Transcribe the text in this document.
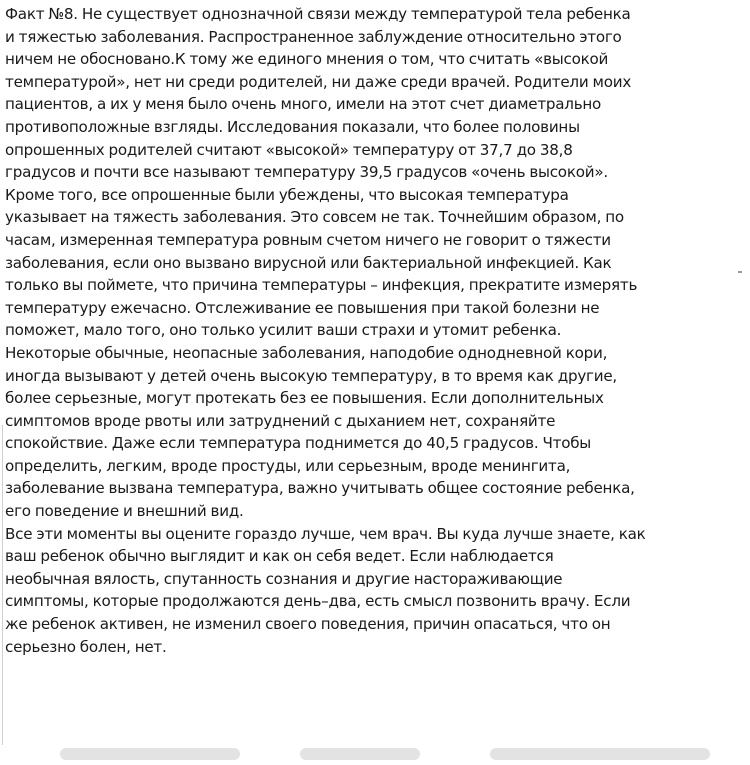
Факт №8. Не существует однозначной связи между температурой тела ребенка
и тяжестью заболевания. Распространенное заблуждение относительно этого
ничем не обосновано.К тому же единого мнения о том, что считать «высокой
температурой», нет ни среди родителей, ни даже среди врачей. Родители моих
пациентов, а их у меня было очень много, имели на этот счет диаметрально
противоположные взгляды. Исследования показали, что более половины
опрошенных родителей считают «высокой» температуру от 37,7 до 38,8
градусов и почти все называют температуру 39,5 градусов «очень высокой».
Кроме того, все опрошенные были убеждены, что высокая температура
указывает на тяжесть заболевания. Это совсем не так. Точнейшим образом, по
часам, измеренная температура ровным счетом ничего не говорит о тяжести
заболевания, если оно вызвано вирусной или бактериальной инфекцией. Как
только вы поймете, что причина температуры – инфекция, прекратите измерять
температуру ежечасно. Отслеживание ее повышения при такой болезни не
поможет, мало того, оно только усилит ваши страхи и утомит ребенка.
Некоторые обычные, неопасные заболевания, наподобие однодневной кори,
иногда вызывают у детей очень высокую температуру, в то время как другие,
более серьезные, могут протекать без ее повышения. Если дополнительных
симптомов вроде рвоты или затруднений с дыханием нет, сохраняйте
спокойствие. Даже если температура поднимется до 40,5 градусов. Чтобы
определить, легким, вроде простуды, или серьезным, вроде менингита,
заболевание вызвана температура, важно учитывать общее состояние ребенка,
его поведение и внешний вид.
Все эти моменты вы оцените гораздо лучше, чем врач. Вы куда лучше знаете, как
ваш ребенок обычно выглядит и как он себя ведет. Если наблюдается
необычная вялость, спутанность сознания и другие настораживающие
симптомы, которые продолжаются день–два, есть смысл позвонить врачу. Если
же ребенок активен, не изменил своего поведения, причин опасаться, что он
серьезно болен, нет.
